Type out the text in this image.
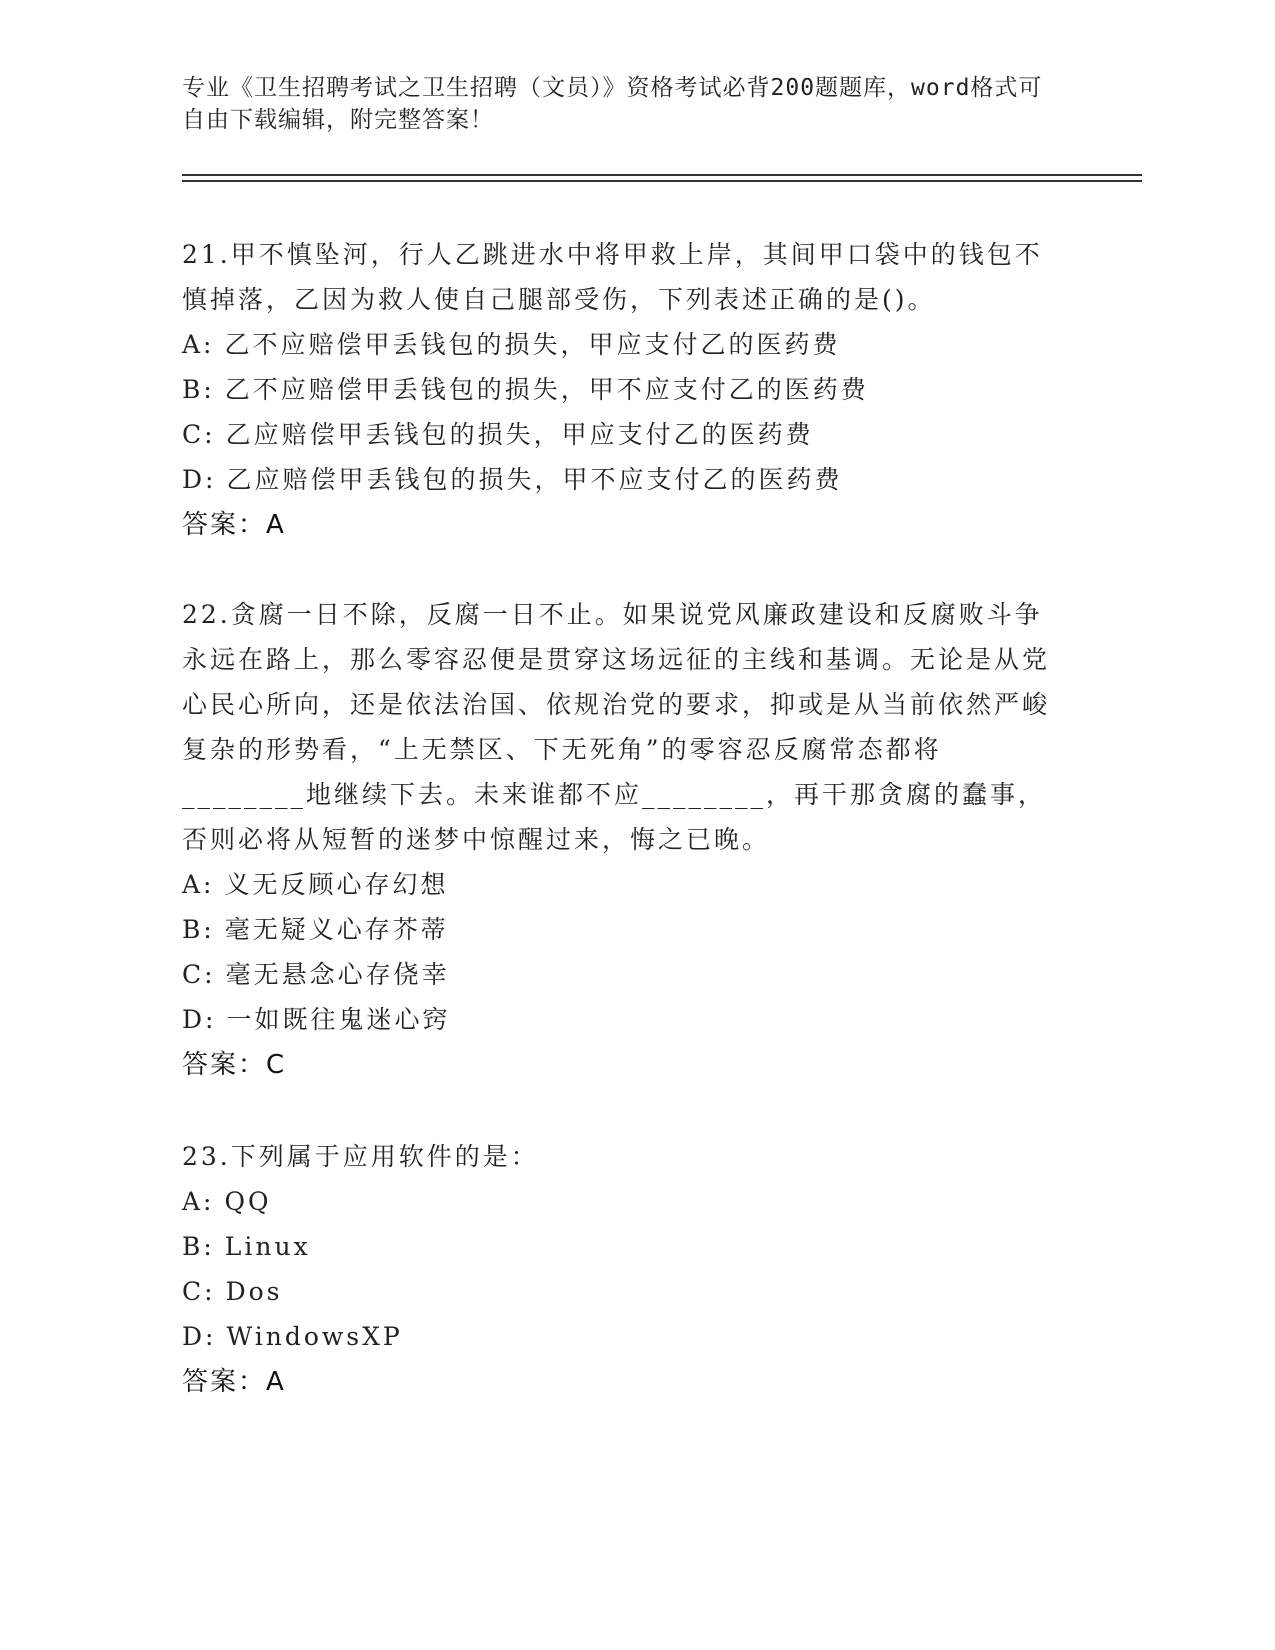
专业《卫生招聘考试之卫生招聘（文员）》资格考试必背200题题库，word格式可自由下载编辑，附完整答案！

21.甲不慎坠河，行人乙跳进水中将甲救上岸，其间甲口袋中的钱包不慎掉落，乙因为救人使自己腿部受伤，下列表述正确的是()。

A: 乙不应赔偿甲丢钱包的损失，甲应支付乙的医药费

B: 乙不应赔偿甲丢钱包的损失，甲不应支付乙的医药费

C: 乙应赔偿甲丢钱包的损失，甲应支付乙的医药费

D: 乙应赔偿甲丢钱包的损失，甲不应支付乙的医药费

答案：A

22.贪腐一日不除，反腐一日不止。如果说党风廉政建设和反腐败斗争永远在路上，那么零容忍便是贯穿这场远征的主线和基调。无论是从党心民心所向，还是依法治国、依规治党的要求，抑或是从当前依然严峻复杂的形势看，“上无禁区、下无死角”的零容忍反腐常态都将________地继续下去。未来谁都不应________，再干那贪腐的蠢事，否则必将从短暂的迷梦中惊醒过来，悔之已晚。

A: 义无反顾心存幻想

B: 毫无疑义心存芥蒂

C: 毫无悬念心存侥幸

D: 一如既往鬼迷心窍

答案：C

23.下列属于应用软件的是：

A: QQ

B: Linux

C: Dos

D: WindowsXP

答案：A
